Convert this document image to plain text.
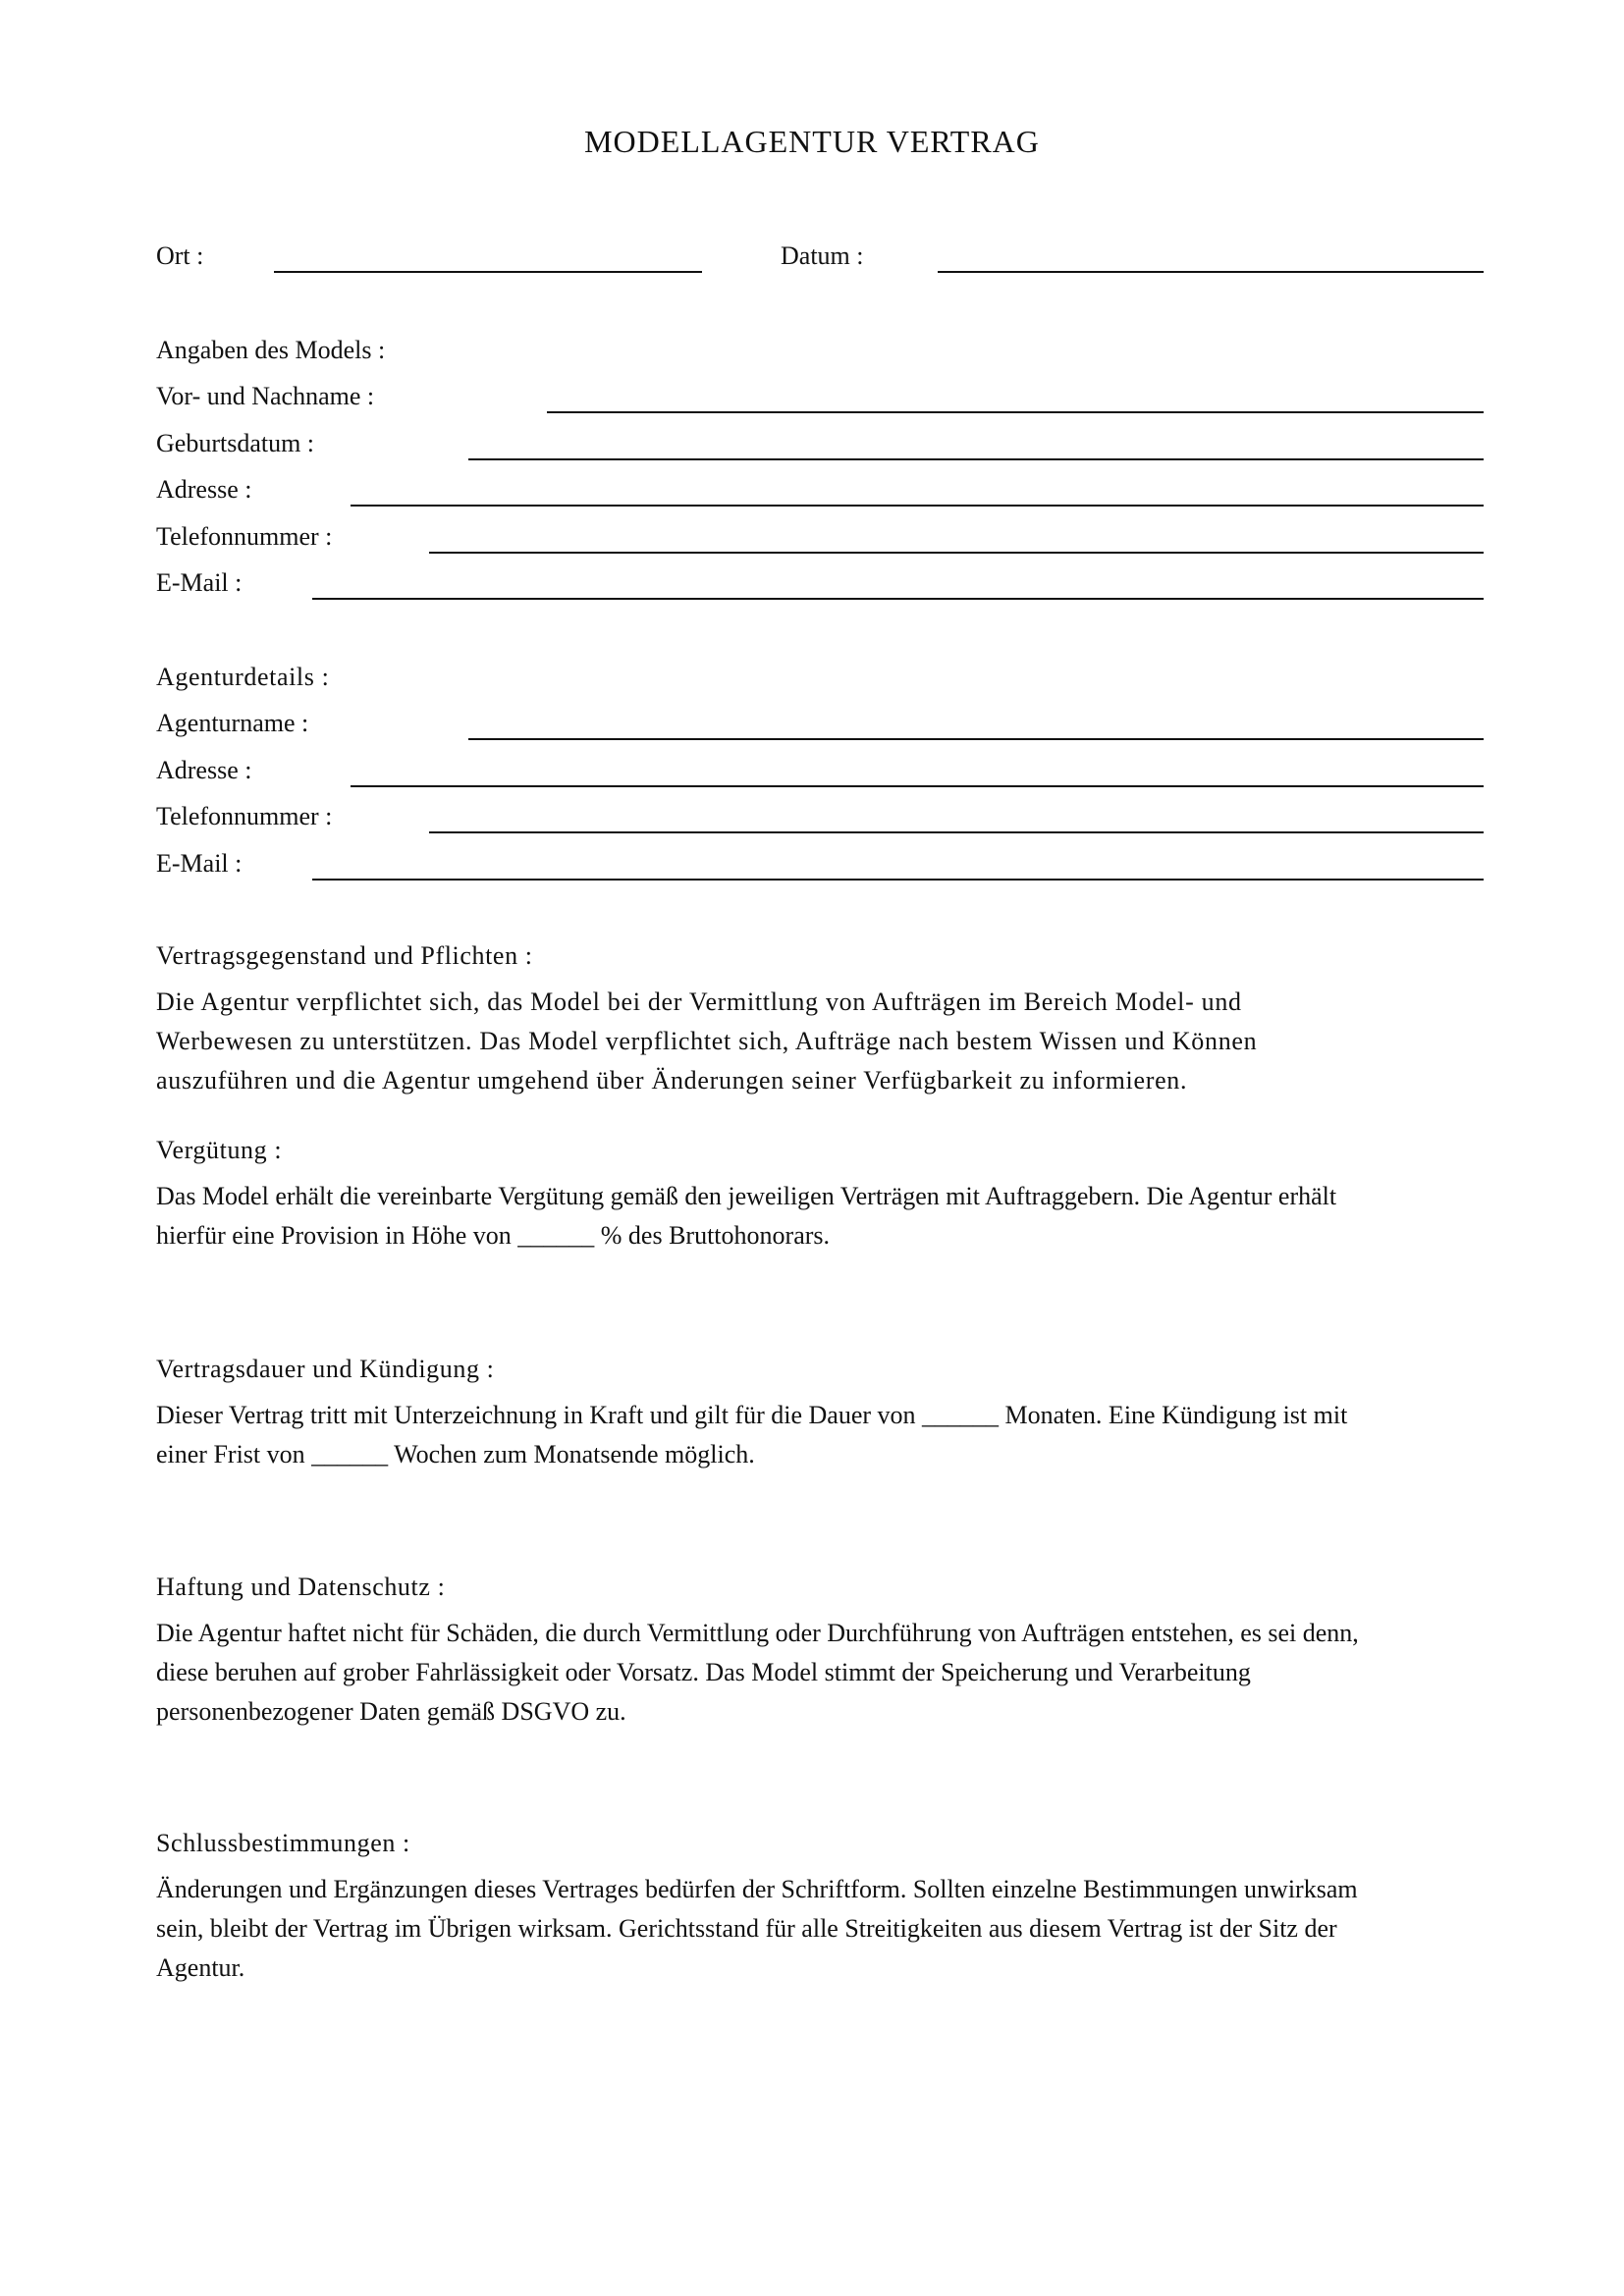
MODELLAGENTUR VERTRAG
Ort :	Datum :
Angaben des Models :
Vor- und Nachname :
Geburtsdatum :
Adresse :
Telefonnummer :
E-Mail :
Agenturdetails :
Agenturname :
Adresse :
Telefonnummer :
E-Mail :
Vertragsgegenstand und Pflichten :
Die Agentur verpflichtet sich, das Model bei der Vermittlung von Aufträgen im Bereich Model- und
Werbewesen zu unterstützen. Das Model verpflichtet sich, Aufträge nach bestem Wissen und Können
auszuführen und die Agentur umgehend über Änderungen seiner Verfügbarkeit zu informieren.
Vergütung :
Das Model erhält die vereinbarte Vergütung gemäß den jeweiligen Verträgen mit Auftraggebern. Die Agentur erhält
hierfür eine Provision in Höhe von ______ % des Bruttohonorars.
Vertragsdauer und Kündigung :
Dieser Vertrag tritt mit Unterzeichnung in Kraft und gilt für die Dauer von ______ Monaten. Eine Kündigung ist mit
einer Frist von ______ Wochen zum Monatsende möglich.
Haftung und Datenschutz :
Die Agentur haftet nicht für Schäden, die durch Vermittlung oder Durchführung von Aufträgen entstehen, es sei denn,
diese beruhen auf grober Fahrlässigkeit oder Vorsatz. Das Model stimmt der Speicherung und Verarbeitung
personenbezogener Daten gemäß DSGVO zu.
Schlussbestimmungen :
Änderungen und Ergänzungen dieses Vertrages bedürfen der Schriftform. Sollten einzelne Bestimmungen unwirksam
sein, bleibt der Vertrag im Übrigen wirksam. Gerichtsstand für alle Streitigkeiten aus diesem Vertrag ist der Sitz der
Agentur.
